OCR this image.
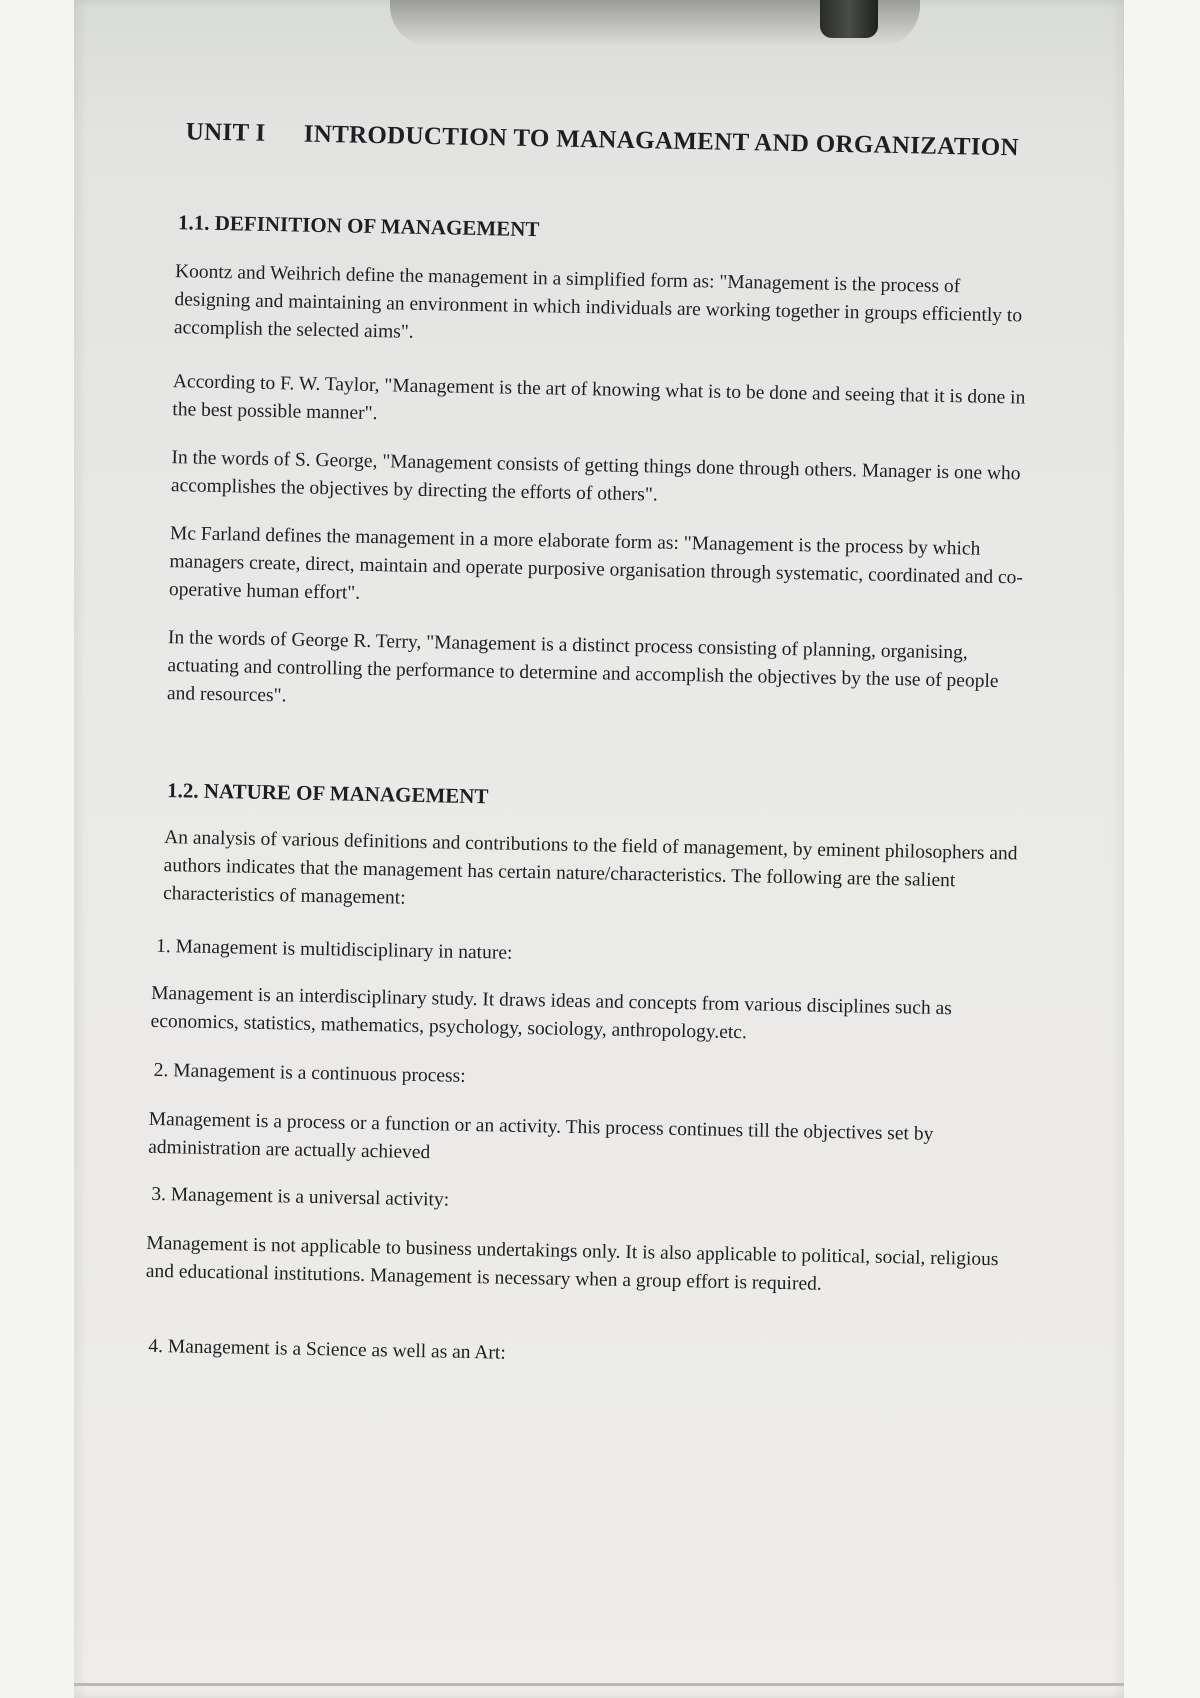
UNIT I INTRODUCTION TO MANAGAMENT AND ORGANIZATION
1.1. DEFINITION OF MANAGEMENT
Koontz and Weihrich define the management in a simplified form as: "Management is the process of designing and maintaining an environment in which individuals are working together in groups efficiently to accomplish the selected aims".
According to F. W. Taylor, "Management is the art of knowing what is to be done and seeing that it is done in the best possible manner".
In the words of S. George, "Management consists of getting things done through others. Manager is one who accomplishes the objectives by directing the efforts of others".
Mc Farland defines the management in a more elaborate form as: "Management is the process by which managers create, direct, maintain and operate purposive organisation through systematic, coordinated and co-operative human effort".
In the words of George R. Terry, "Management is a distinct process consisting of planning, organising, actuating and controlling the performance to determine and accomplish the objectives by the use of people and resources".
1.2. NATURE OF MANAGEMENT
An analysis of various definitions and contributions to the field of management, by eminent philosophers and authors indicates that the management has certain nature/characteristics. The following are the salient characteristics of management:
1. Management is multidisciplinary in nature:
Management is an interdisciplinary study. It draws ideas and concepts from various disciplines such as economics, statistics, mathematics, psychology, sociology, anthropology.etc.
2. Management is a continuous process:
Management is a process or a function or an activity. This process continues till the objectives set by administration are actually achieved
3. Management is a universal activity:
Management is not applicable to business undertakings only. It is also applicable to political, social, religious and educational institutions. Management is necessary when a group effort is required.
4. Management is a Science as well as an Art:
